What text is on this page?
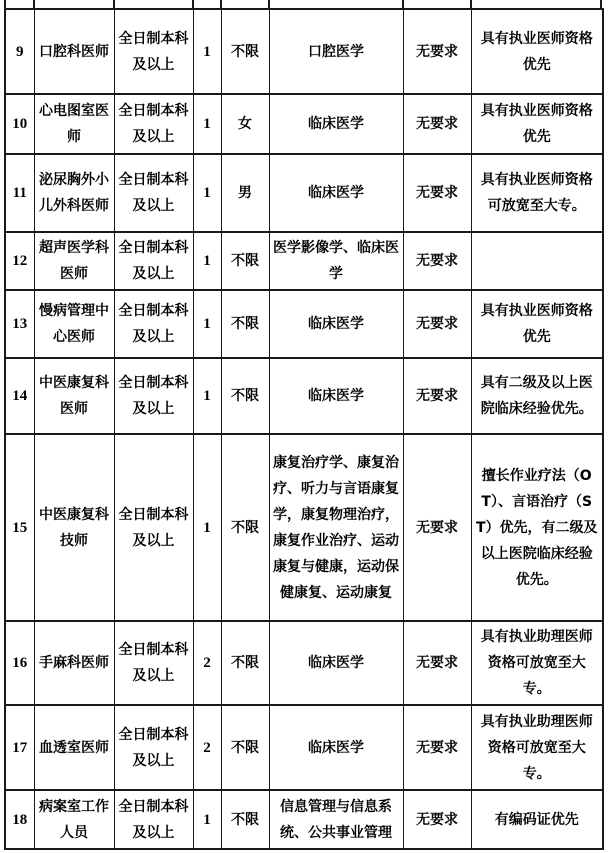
9	口腔科医师	全日制本科及以上	1	不限	口腔医学	无要求	具有执业医师资格优先
10	心电图室医师	全日制本科及以上	1	女	临床医学	无要求	具有执业医师资格优先
11	泌尿胸外小儿外科医师	全日制本科及以上	1	男	临床医学	无要求	具有执业医师资格可放宽至大专。
12	超声医学科医师	全日制本科及以上	1	不限	医学影像学、临床医学	无要求	
13	慢病管理中心医师	全日制本科及以上	1	不限	临床医学	无要求	具有执业医师资格优先
14	中医康复科医师	全日制本科及以上	1	不限	临床医学	无要求	具有二级及以上医院临床经验优先。
15	中医康复科技师	全日制本科及以上	1	不限	康复治疗学、康复治疗、听力与言语康复学，康复物理治疗，康复作业治疗、运动康复与健康，运动保健康复、运动康复	无要求	擅长作业疗法（OT）、言语治疗（ST）优先，有二级及以上医院临床经验优先。
16	手麻科医师	全日制本科及以上	2	不限	临床医学	无要求	具有执业助理医师资格可放宽至大专。
17	血透室医师	全日制本科及以上	2	不限	临床医学	无要求	具有执业助理医师资格可放宽至大专。
18	病案室工作人员	全日制本科及以上	1	不限	信息管理与信息系统、公共事业管理	无要求	有编码证优先
